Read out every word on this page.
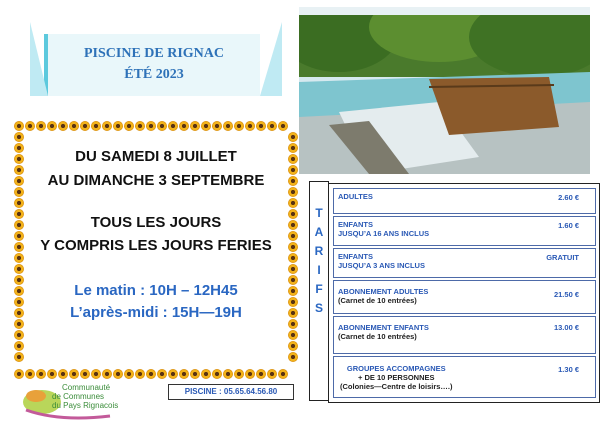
PISCINE DE RIGNAC
ÉTÉ 2023
DU SAMEDI 8 JUILLET
AU DIMANCHE 3 SEPTEMBRE
TOUS LES JOURS
Y COMPRIS LES JOURS FERIES
Le matin : 10H – 12H45
L’après-midi : 15H—19H
T
A
R
I
F
S
ADULTES	2.60 €
ENFANTS
JUSQU’A 16 ANS INCLUS
1.60 €
ENFANTS
JUSQU’A 3 ANS INCLUS
GRATUIT
ABONNEMENT ADULTES
(Carnet de 10 entrées)
21.50 €
ABONNEMENT ENFANTS
(Carnet de 10 entrées)
13.00 €
GROUPES ACCOMPAGNES
+ DE 10 PERSONNES
(Colonies—Centre de loisirs….)
1.30 €
Communauté
de Communes
du Pays Rignacois
PISCINE : 05.65.64.56.80
